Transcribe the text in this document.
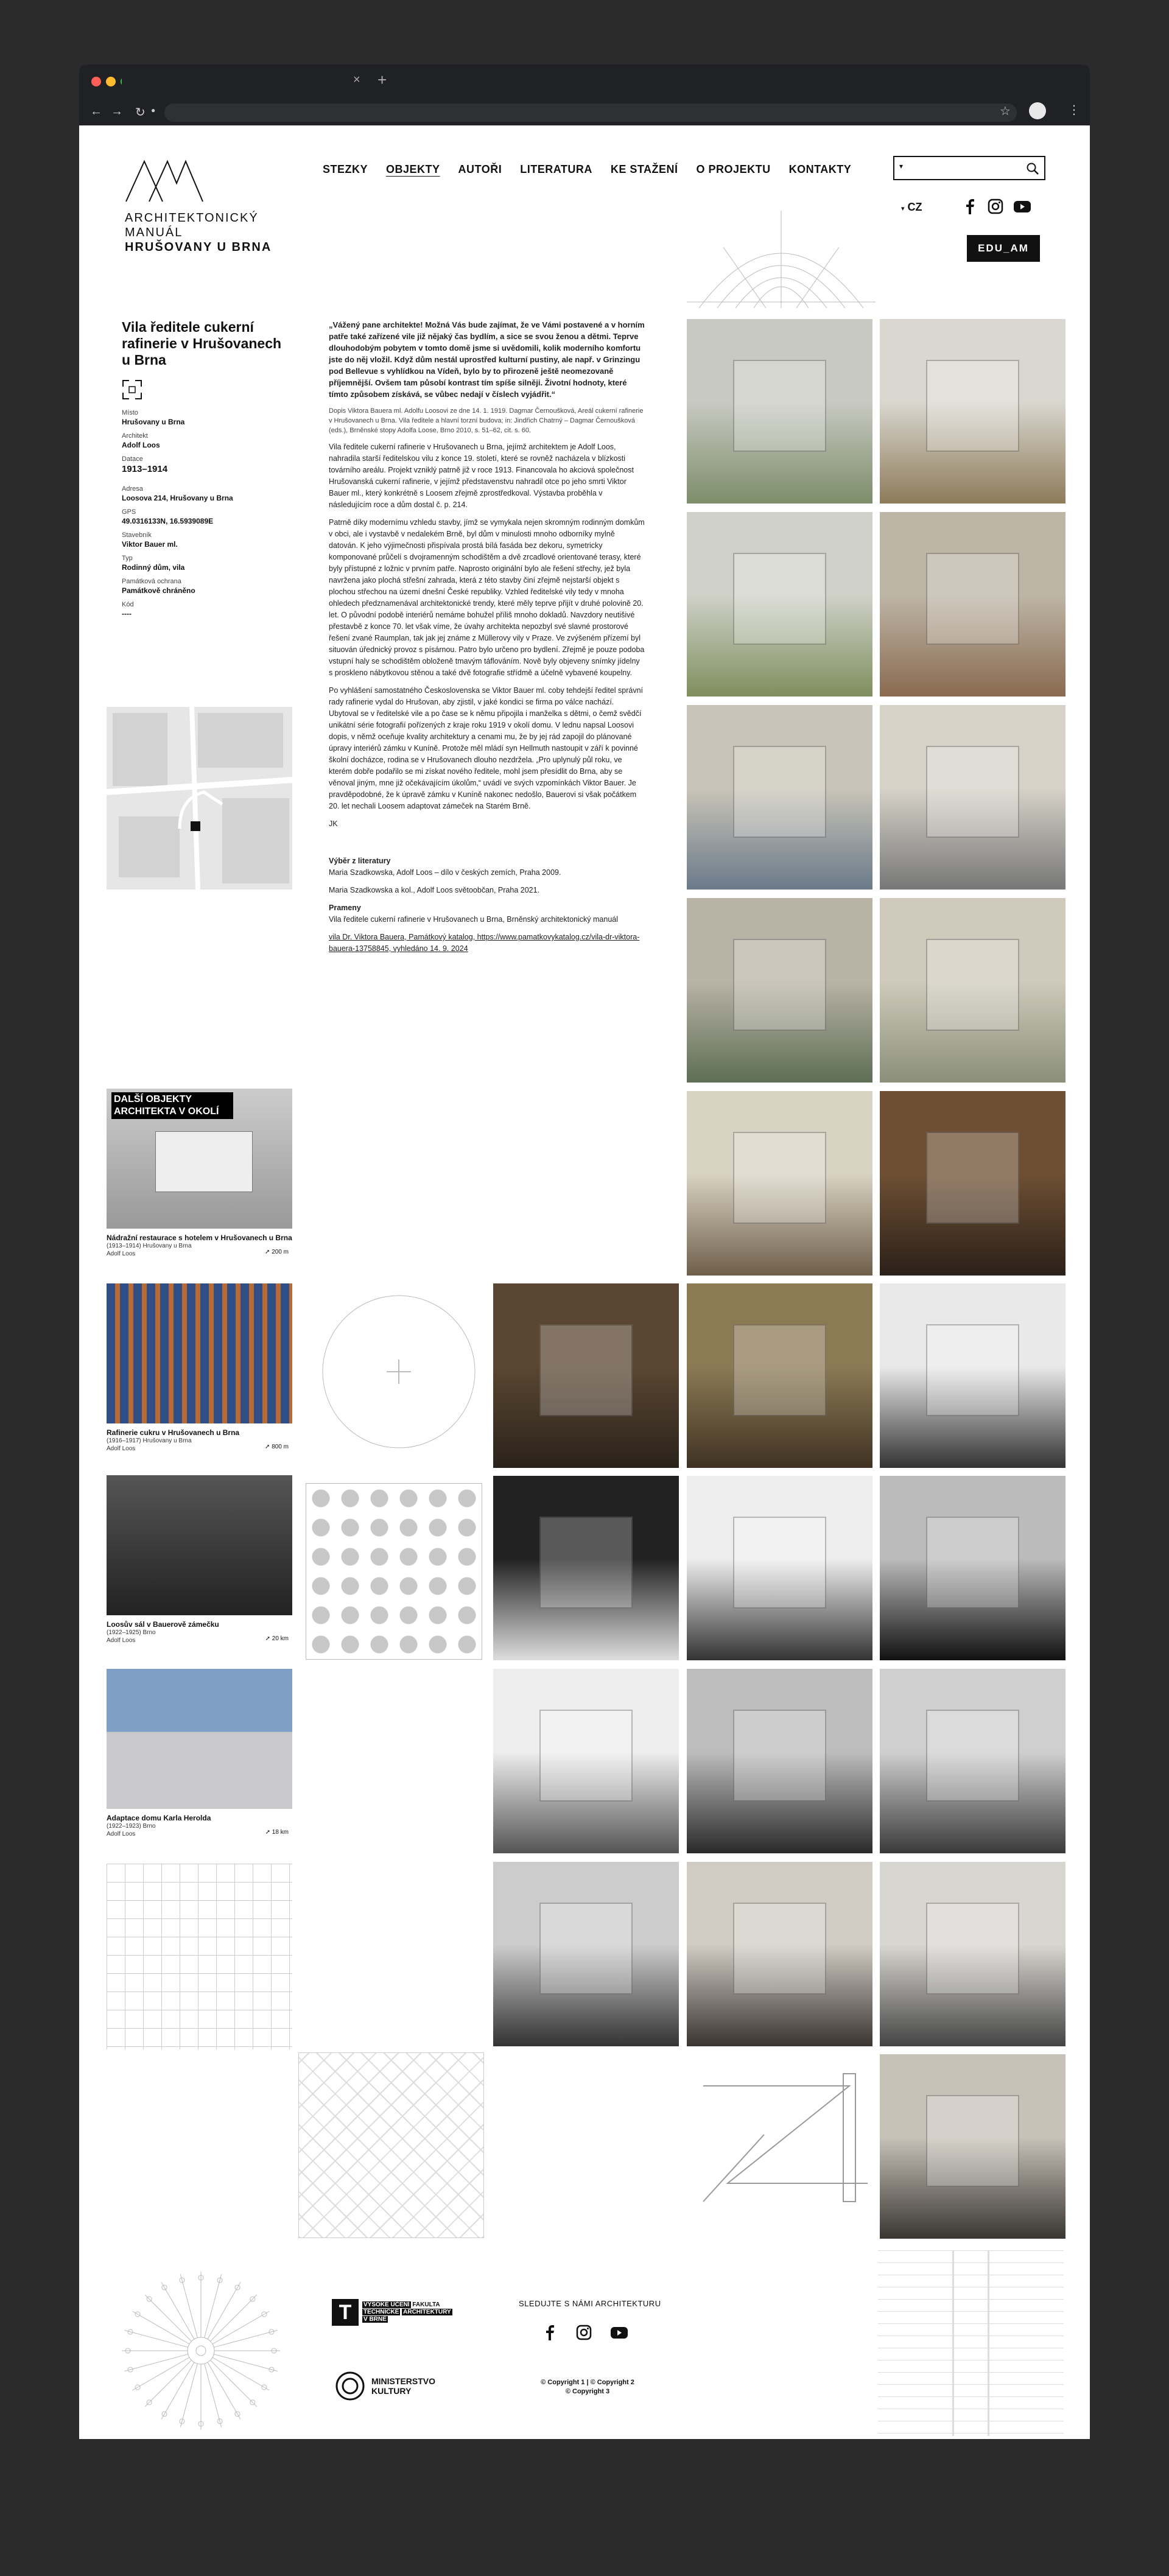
× +
← → ↻ ●	☆	⋮
ARCHITEKTONICKÝ
MANUÁL
HRUŠOVANY U BRNA
STEZKY OBJEKTY AUTOŘI LITERATURA KE STAŽENÍ O PROJEKTU KONTAKTY	▾
▾ CZ
EDU_AM
Vila ředitele cukerní rafinerie v Hrušovanech u Brna
Místo
Hrušovany u Brna
Architekt
Adolf Loos
Datace
1913–1914
Adresa
Loosova 214, Hrušovany u Brna
GPS
49.0316133N, 16.5939089E
Stavebník
Viktor Bauer ml.
Typ
Rodinný dům, vila
Památková ochrana
Památkově chráněno
Kód
----

„Vážený pane architekte! Možná Vás bude zajímat, že ve Vámi postavené a v horním patře také zařízené vile již nějaký čas bydlím, a sice se svou ženou a dětmi. Teprve dlouhodobým pobytem v tomto domě jsme si uvědomili, kolik moderního komfortu jste do něj vložil. Když dům nestál uprostřed kulturní pustiny, ale např. v Grinzingu pod Bellevue s vyhlídkou na Vídeň, bylo by to přirozeně ještě neomezovaně příjemnější. Ovšem tam působí kontrast tím spíše silněji. Životní hodnoty, které tímto způsobem získává, se vůbec nedají v číslech vyjádřit.“

Dopis Viktora Bauera ml. Adolfu Loosovi ze dne 14. 1. 1919. Dagmar Černoušková, Areál cukerní rafinerie v Hrušovanech u Brna. Vila ředitele a hlavní torzní budova; in: Jindřich Chatrný – Dagmar Černoušková (eds.), Brněnské stopy Adolfa Loose, Brno 2010, s. 51–62, cit. s. 60.

Vila ředitele cukerní rafinerie v Hrušovanech u Brna, jejímž architektem je Adolf Loos, nahradila starší ředitelskou vilu z konce 19. století, které se rovněž nacházela v blízkosti továrního areálu. Projekt vzniklý patrně již v roce 1913. Financovala ho akciová společnost Hrušovanská cukerní rafinerie, v jejímž představenstvu nahradil otce po jeho smrti Viktor Bauer ml., který konkrétně s Loosem zřejmě zprostředkoval. Výstavba proběhla v následujícím roce a dům dostal č. p. 214.

Patrně díky modernímu vzhledu stavby, jímž se vymykala nejen skromným rodinným domkům v obci, ale i vystavbě v nedalekém Brně, byl dům v minulosti mnoho odborníky mylně datován. K jeho výjimečnosti přispívala prostá bílá fasáda bez dekoru, symetricky komponované průčelí s dvojramenným schodištěm a dvě zrcadlové orientované terasy, které byly přístupné z ložnic v prvním patře. Naprosto originální bylo ale řešení střechy, jež byla navržena jako plochá střešní zahrada, která z této stavby činí zřejmě nejstarší objekt s plochou střechou na území dnešní České republiky. Vzhled ředitelské vily tedy v mnoha ohledech předznamenával architektonické trendy, které měly teprve přijít v druhé polovině 20. let. O původní podobě interiérů nemáme bohužel příliš mnoho dokladů. Navzdory neutišivé přestavbě z konce 70. let však víme, že úvahy architekta nepozbyl své slavné prostorové řešení zvané Raumplan, tak jak jej známe z Müllerovy vily v Praze. Ve zvýšeném přízemí byl situován úřednický provoz s písárnou. Patro bylo určeno pro bydlení. Zřejmě je pouze podoba vstupní haly se schodištěm obloženě tmavým táflováním. Nově byly objeveny snímky jídelny s proskleno nábytkovou stěnou a také dvě fotografie střídmě a účelně vybavené koupelny.

Po vyhlášení samostatného Československa se Viktor Bauer ml. coby tehdejší ředitel správní rady rafinerie vydal do Hrušovan, aby zjistil, v jaké kondici se firma po válce nachází. Ubytoval se v ředitelské vile a po čase se k němu připojila i manželka s dětmi, o čemž svědčí unikátní série fotografií pořízených z kraje roku 1919 v okolí domu. V lednu napsal Loosovi dopis, v němž oceňuje kvality architektury a cenami mu, že by jej rád zapojil do plánované úpravy interiérů zámku v Kuníně. Protože měl mládí syn Hellmuth nastoupit v září k povinné školní docházce, rodina se v Hrušovanech dlouho nezdržela. „Pro uplynulý půl roku, ve kterém dobře podařilo se mi získat nového ředitele, mohl jsem přesídlit do Brna, aby se věnoval jiným, mne již očekávajícím úkolům,“ uvádí ve svých vzpomínkách Viktor Bauer. Je pravděpodobné, že k úpravě zámku v Kuníně nakonec nedošlo, Bauerovi si však počátkem 20. let nechali Loosem adaptovat zámeček na Starém Brně.

JK

Výběr z literatury

Maria Szadkowska, Adolf Loos – dílo v českých zemích, Praha 2009.

Maria Szadkowska a kol., Adolf Loos světoobčan, Praha 2021.

Prameny

Vila ředitele cukerní rafinerie v Hrušovanech u Brna, Brněnský architektonický manuál

vila Dr. Viktora Bauera, Památkový katalog, https://www.pamatkovykatalog.cz/vila-dr-viktora-bauera-13758845, vyhledáno 14. 9. 2024

DALŠÍ OBJEKTY ARCHITEKTA V OKOLÍ
Nádražní restaurace s hotelem v Hrušovanech u Brna
(1913–1914) Hrušovany u Brna
Adolf Loos	➚ 200 m
Rafinerie cukru v Hrušovanech u Brna
(1916–1917) Hrušovany u Brna
Adolf Loos	➚ 800 m
Loosův sál v Bauerově zámečku
(1922–1925) Brno
Adolf Loos	➚ 20 km
Adaptace domu Karla Herolda
(1922–1923) Brno
Adolf Loos	➚ 18 km
T	VYSOKÉ UČENÍ FAKULTA
TECHNICKÉ ARCHITEKTURY
V BRNĚ
MINISTERSTVO
KULTURY
SLEDUJTE S NÁMI ARCHITEKTURU
© Copyright 1 | © Copyright 2
© Copyright 3
